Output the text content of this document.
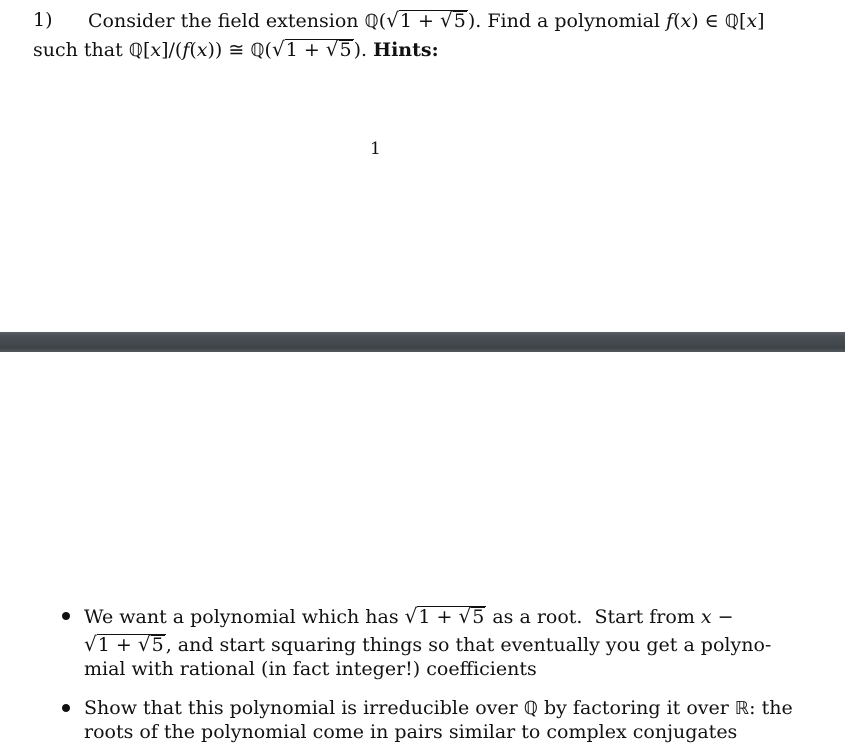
1) Consider the field extension ℚ(√1 + √5 ). Find a polynomial f(x) ∈ ℚ[x]
such that ℚ[x]/(f(x)) ≅ ℚ(√1 + √5 ). Hints:
1
We want a polynomial which has √1 + √5 as a root.  Start from x −
√1 + √5 , and start squaring things so that eventually you get a polyno-
mial with rational (in fact integer!) coefficients
Show that this polynomial is irreducible over ℚ by factoring it over ℝ: the
roots of the polynomial come in pairs similar to complex conjugates
